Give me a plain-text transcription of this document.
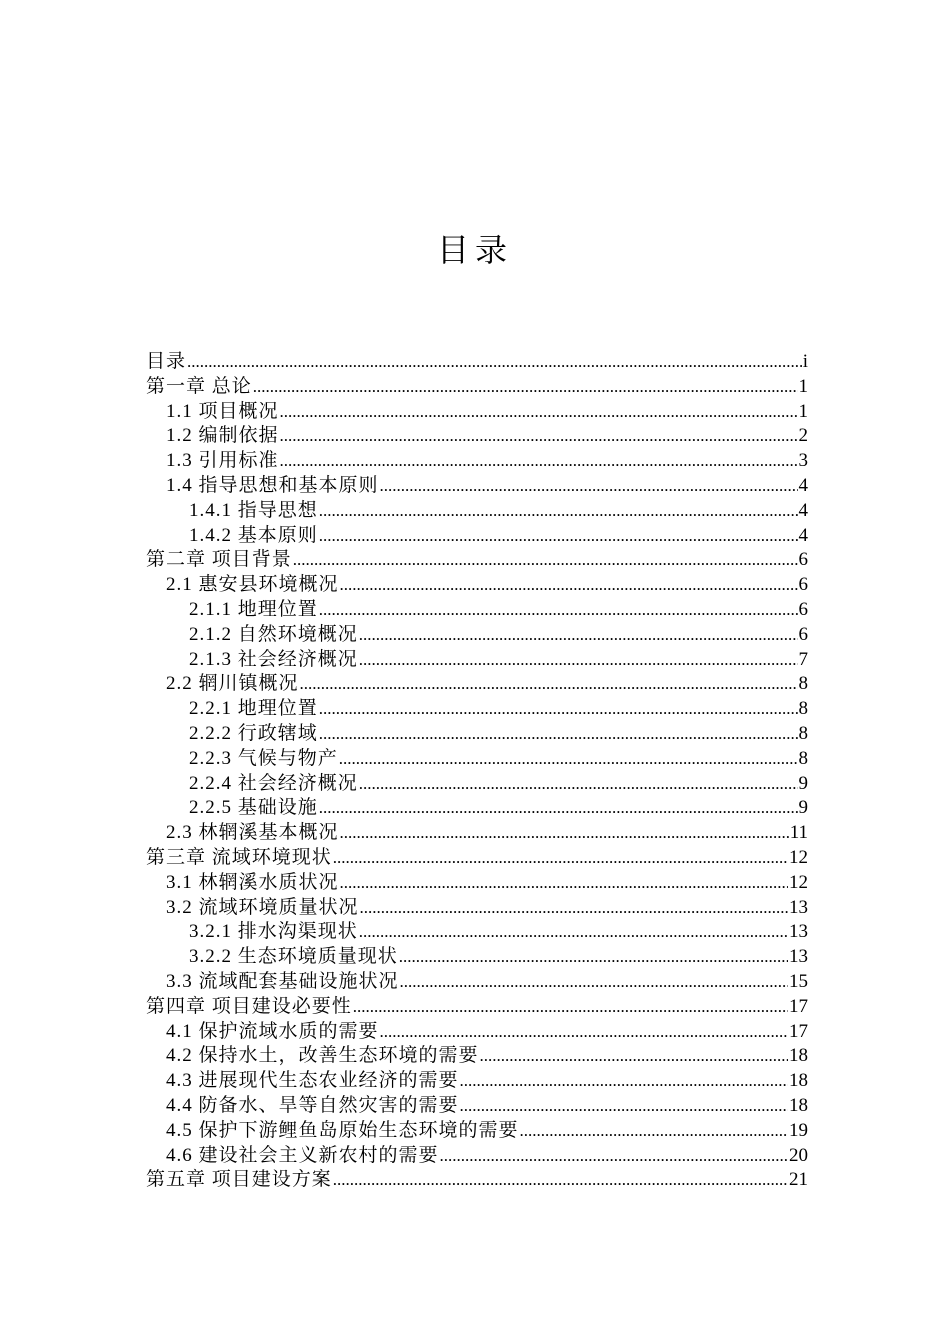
目录
目录 .....	i
第一章 总论 .....	1
1.1 项目概况 .....	1
1.2 编制依据 .....	2
1.3 引用标准 .....	3
1.4 指导思想和基本原则 .....	4
1.4.1 指导思想 .....	4
1.4.2 基本原则 .....	4
第二章 项目背景 .....	6
2.1 惠安县环境概况 .....	6
2.1.1 地理位置 .....	6
2.1.2 自然环境概况 .....	6
2.1.3 社会经济概况 .....	7
2.2 辋川镇概况 .....	8
2.2.1 地理位置 .....	8
2.2.2 行政辖域 .....	8
2.2.3 气候与物产 .....	8
2.2.4 社会经济概况 .....	9
2.2.5 基础设施 .....	9
2.3 林辋溪基本概况 .....	11
第三章 流域环境现状 .....	12
3.1 林辋溪水质状况 .....	12
3.2 流域环境质量状况 .....	13
3.2.1 排水沟渠现状 .....	13
3.2.2 生态环境质量现状 .....	13
3.3 流域配套基础设施状况 .....	15
第四章 项目建设必要性 .....	17
4.1 保护流域水质的需要 .....	17
4.2 保持水土，改善生态环境的需要 .....	18
4.3 进展现代生态农业经济的需要 .....	18
4.4 防备水、旱等自然灾害的需要 .....	18
4.5 保护下游鲤鱼岛原始生态环境的需要 .....	19
4.6 建设社会主义新农村的需要 .....	20
第五章 项目建设方案 .....	21
